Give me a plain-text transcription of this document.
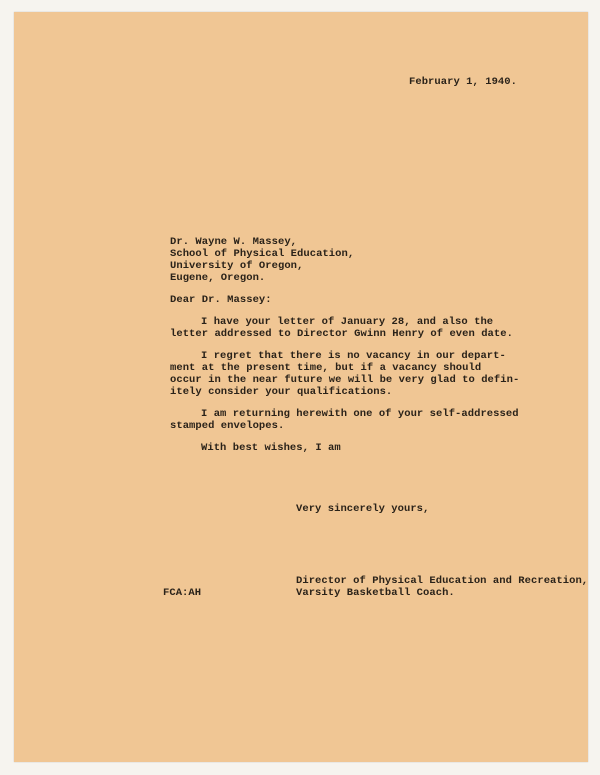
February 1, 1940.
Dr. Wayne W. Massey,
School of Physical Education,
University of Oregon,
Eugene, Oregon.
Dear Dr. Massey:
I have your letter of January 28, and also the
letter addressed to Director Gwinn Henry of even date.
I regret that there is no vacancy in our depart-
ment at the present time, but if a vacancy should
occur in the near future we will be very glad to defin-
itely consider your qualifications.
I am returning herewith one of your self-addressed
stamped envelopes.
With best wishes, I am
Very sincerely yours,
FCA:AH
Director of Physical Education and Recreation,
Varsity Basketball Coach.
